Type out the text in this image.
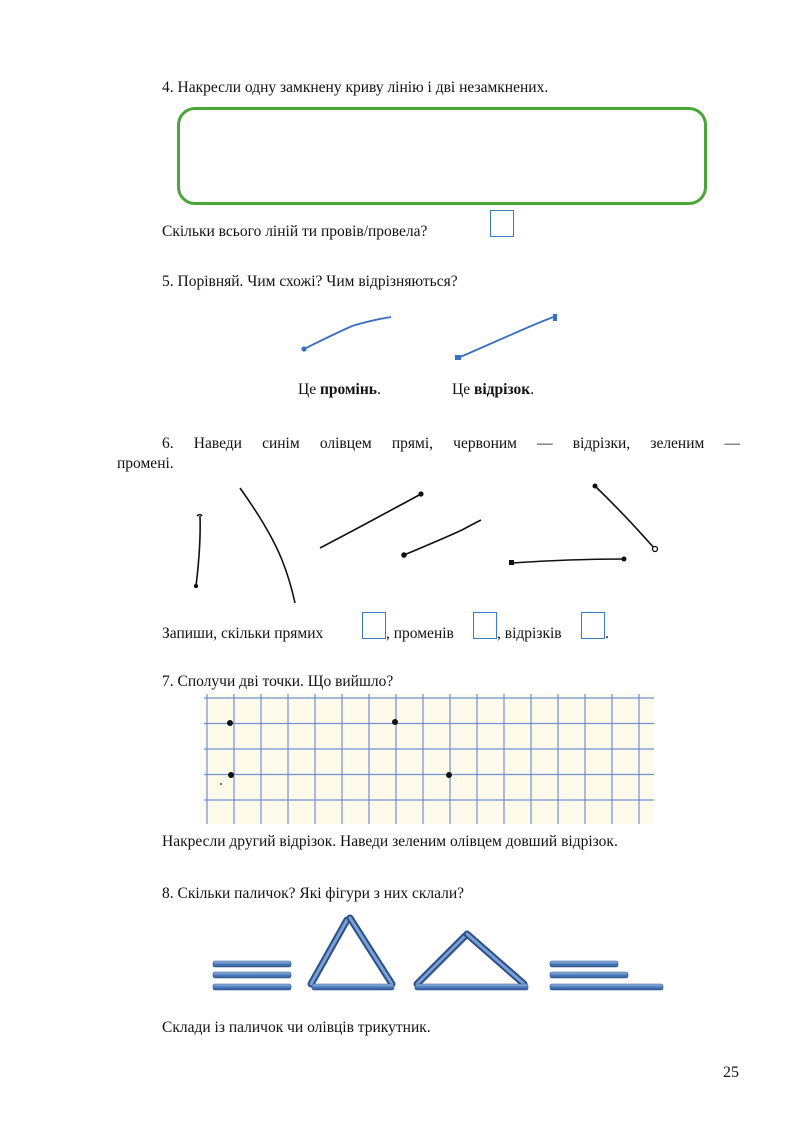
4. Накресли одну замкнену криву лінію і дві незамкнених.
Скільки всього ліній ти провів/провела?
5. Порівняй. Чим схожі? Чим відрізняються?
Це промінь.	Це відрізок.
6. Наведи синім олівцем прямі, червоним — відрізки, зеленим —
промені.
Запиши, скільки прямих	, променів	, відрізків	.
7. Сполучи дві точки. Що вийшло?
Накресли другий відрізок. Наведи зеленим олівцем довший відрізок.
8. Скільки паличок? Які фігури з них склали?
Склади із паличок чи олівців трикутник.
25
